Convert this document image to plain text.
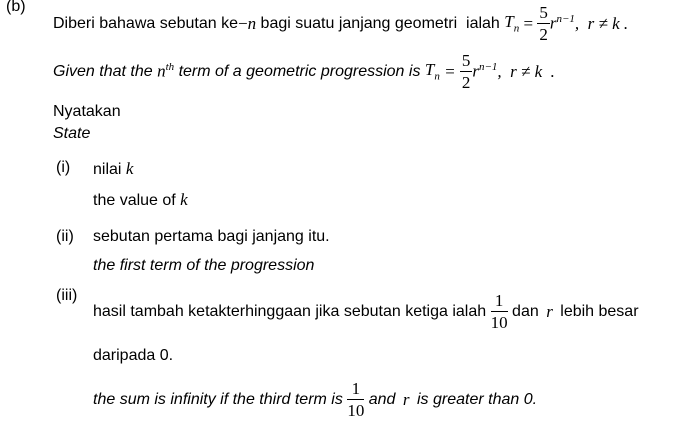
(b)
Diberi bahawa sebutan ke − n bagi suatu janjang geometri  ialah $T_n = \frac{5}{2} r^{n-1}$ ,  r ≠ k .
Given that the $n^{th}$ term of a geometric progression is $T_n = \frac{5}{2} r^{n-1}$ ,  r ≠ k  .
Nyatakan
State
(i) nilai k
the value of k
(ii) sebutan pertama bagi janjang itu.
the first term of the progression
(iii)
hasil tambah ketakterhinggaan jika sebutan ketiga ialah $\frac{1}{10}$ dan r lebih besar
daripada 0.
the sum is infinity if the third term is $\frac{1}{10}$ and r is greater than 0.
